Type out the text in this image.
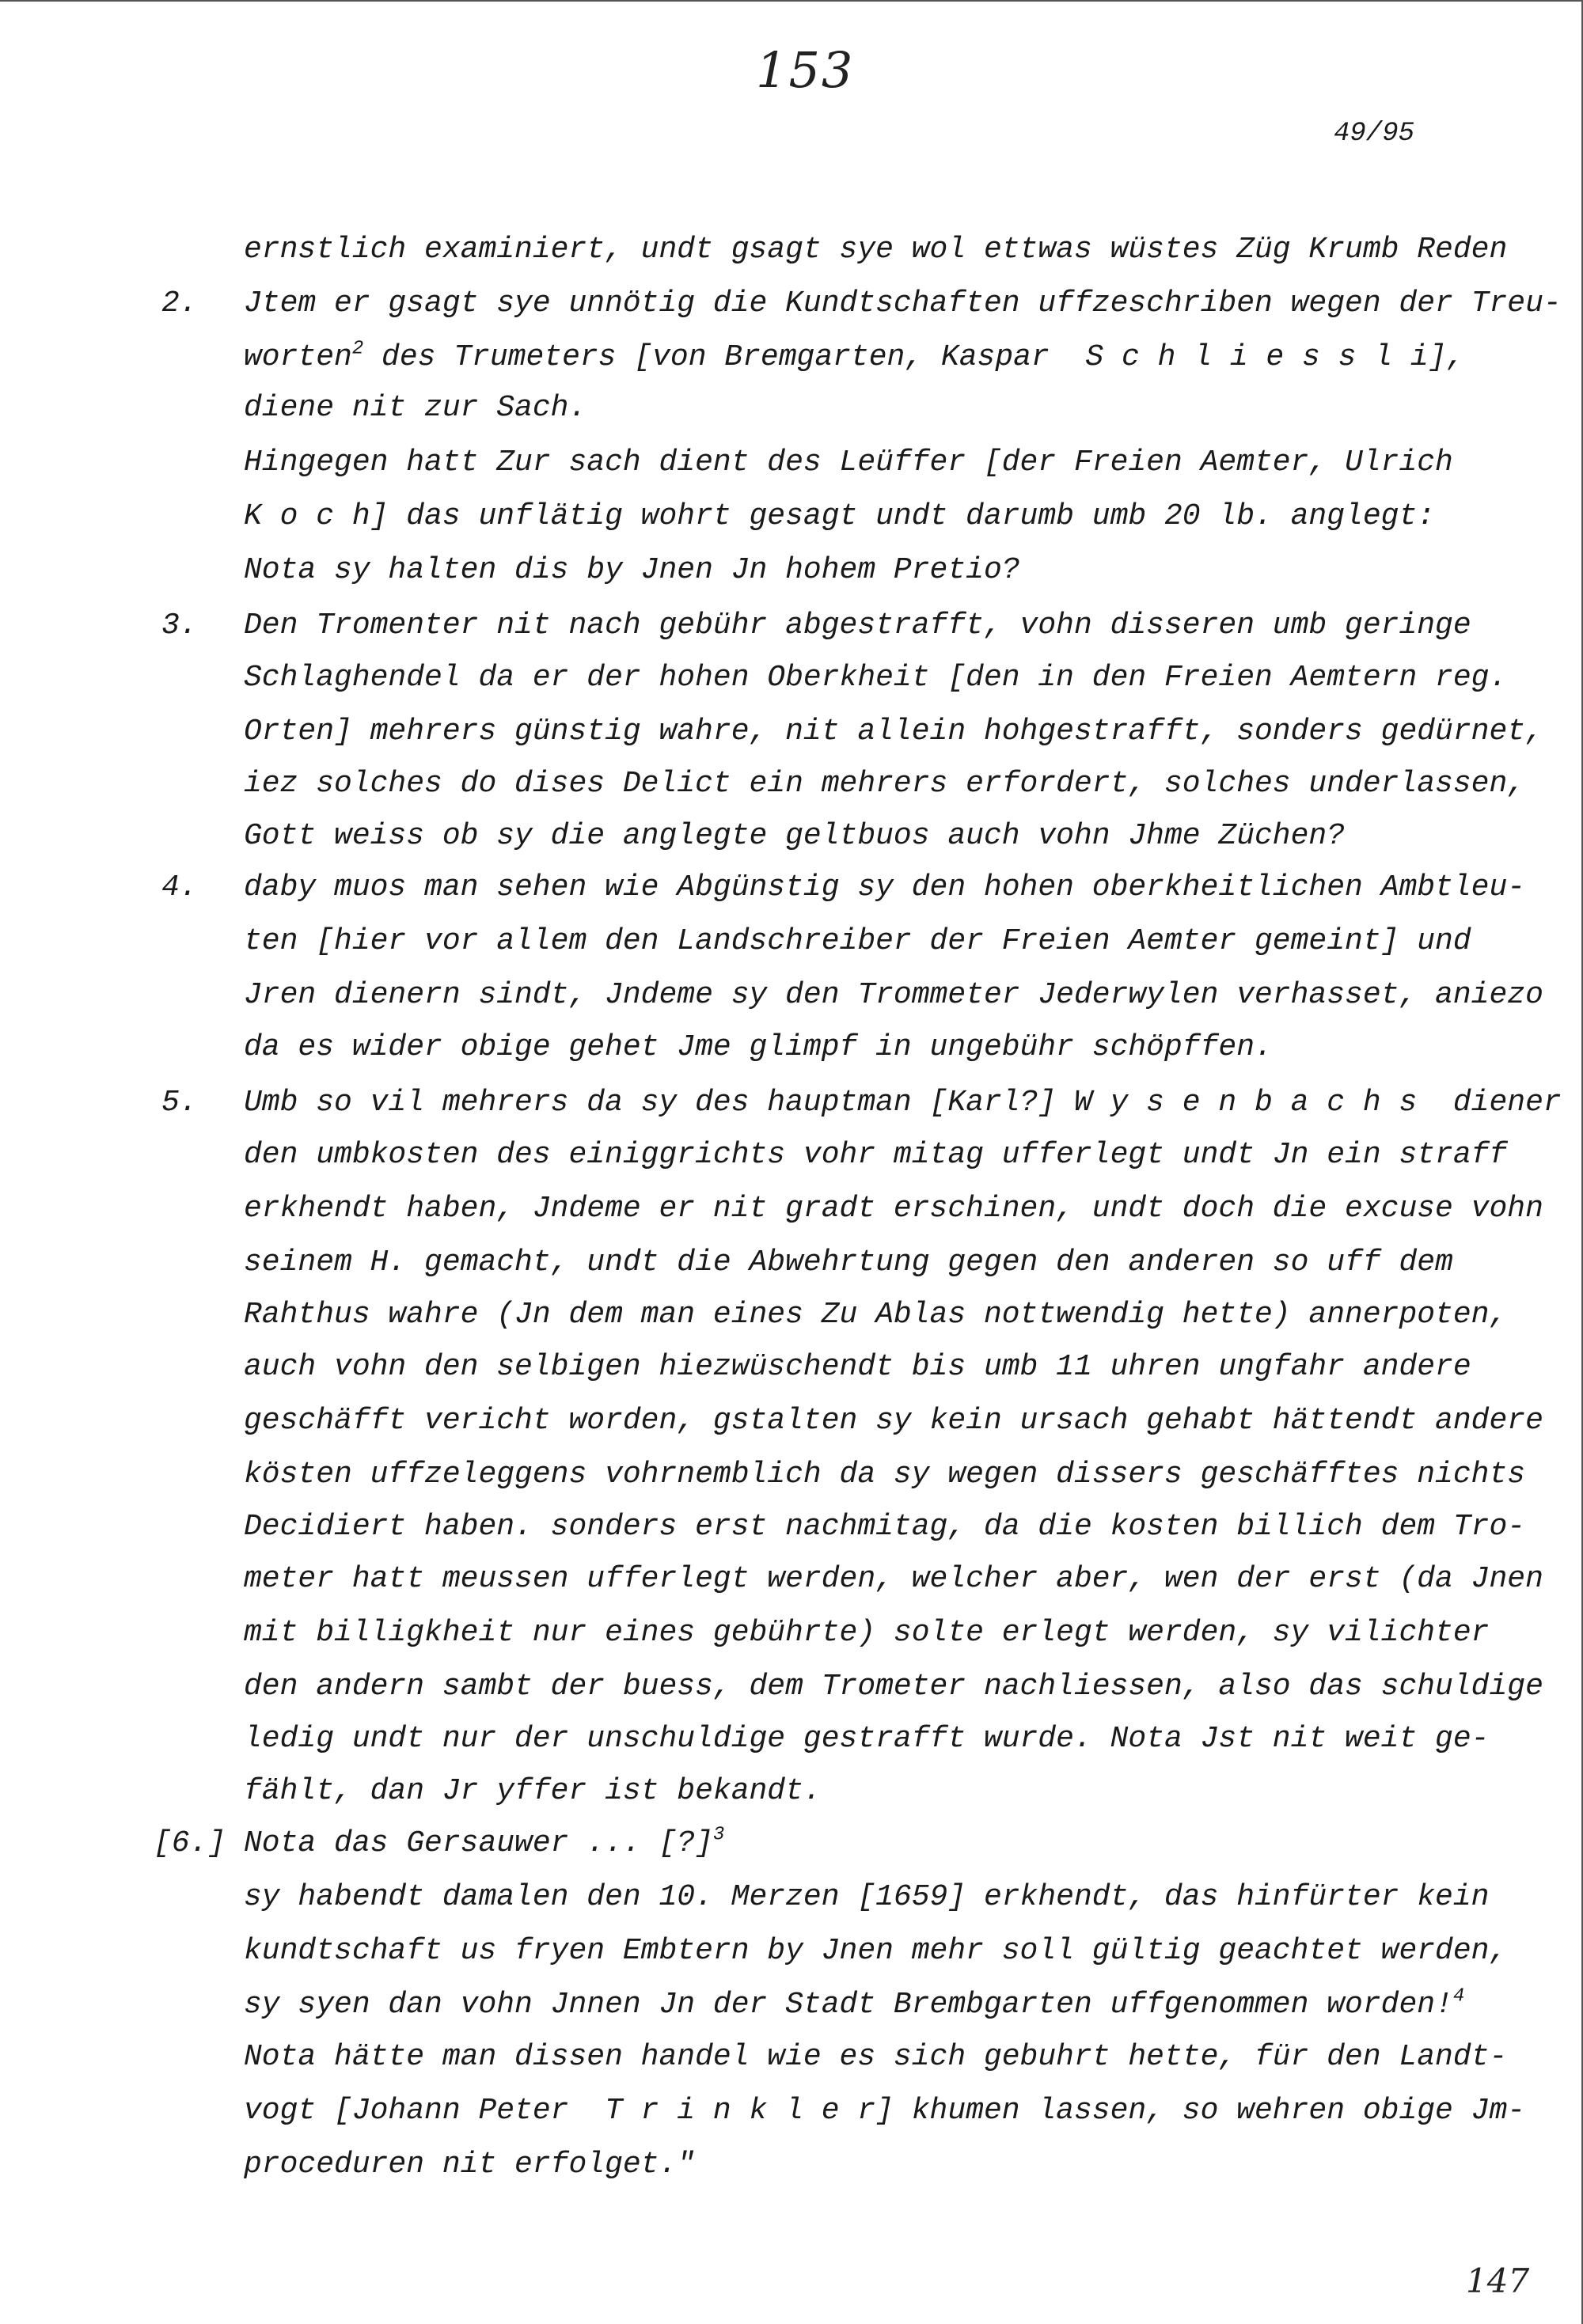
153
49/95
2.
3.
4.
5.
[6.]
ernstlich examiniert, undt gsagt sye wol ettwas wüstes Züg Krumb Reden
Jtem er gsagt sye unnötig die Kundtschaften uffzeschriben wegen der Treu-
worten$^2$ des Trumeters [von Bremgarten, Kaspar  S c h l i e s s l i],
diene nit zur Sach.
Hingegen hatt Zur sach dient des Leüffer [der Freien Aemter, Ulrich
K o c h] das unflätig wohrt gesagt undt darumb umb 20 lb. anglegt:
Nota sy halten dis by Jnen Jn hohem Pretio?
Den Tromenter nit nach gebühr abgestrafft, vohn disseren umb geringe
Schlaghendel da er der hohen Oberkheit [den in den Freien Aemtern reg.
Orten] mehrers günstig wahre, nit allein hohgestrafft, sonders gedürnet,
iez solches do dises Delict ein mehrers erfordert, solches underlassen,
Gott weiss ob sy die anglegte geltbuos auch vohn Jhme Züchen?
daby muos man sehen wie Abgünstig sy den hohen oberkheitlichen Ambtleu-
ten [hier vor allem den Landschreiber der Freien Aemter gemeint] und
Jren dienern sindt, Jndeme sy den Trommeter Jederwylen verhasset, aniezo
da es wider obige gehet Jme glimpf in ungebühr schöpffen.
Umb so vil mehrers da sy des hauptman [Karl?] W y s e n b a c h s  diener
den umbkosten des einiggrichts vohr mitag ufferlegt undt Jn ein straff
erkhendt haben, Jndeme er nit gradt erschinen, undt doch die excuse vohn
seinem H. gemacht, undt die Abwehrtung gegen den anderen so uff dem
Rahthus wahre (Jn dem man eines Zu Ablas nottwendig hette) annerpoten,
auch vohn den selbigen hiezwüschendt bis umb 11 uhren ungfahr andere
geschäfft vericht worden, gstalten sy kein ursach gehabt hättendt andere
kösten uffzeleggens vohrnemblich da sy wegen dissers geschäfftes nichts
Decidiert haben. sonders erst nachmitag, da die kosten billich dem Tro-
meter hatt meussen ufferlegt werden, welcher aber, wen der erst (da Jnen
mit billigkheit nur eines gebührte) solte erlegt werden, sy vilichter
den andern sambt der buess, dem Trometer nachliessen, also das schuldige
ledig undt nur der unschuldige gestrafft wurde. Nota Jst nit weit ge-
fählt, dan Jr yffer ist bekandt.
Nota das Gersauwer ... [?]$^3$
sy habendt damalen den 10. Merzen [1659] erkhendt, das hinfürter kein
kundtschaft us fryen Embtern by Jnen mehr soll gültig geachtet werden,
sy syen dan vohn Jnnen Jn der Stadt Brembgarten uffgenommen worden!$^4$
Nota hätte man dissen handel wie es sich gebuhrt hette, für den Landt-
vogt [Johann Peter  T r i n k l e r] khumen lassen, so wehren obige Jm-
proceduren nit erfolget."
147
